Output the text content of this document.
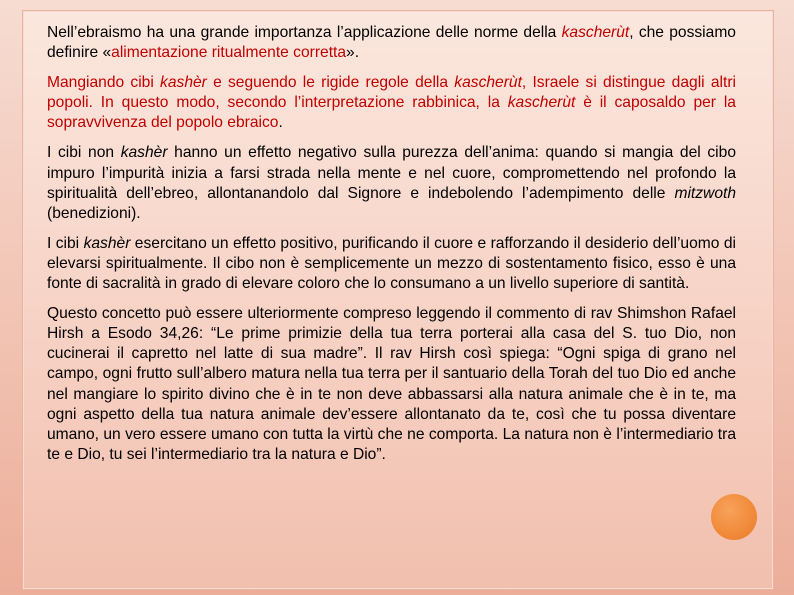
Nell’ebraismo ha una grande importanza l’applicazione delle norme della kascherùt, che possiamo definire «alimentazione ritualmente corretta».

Mangiando cibi kashèr e seguendo le rigide regole della kascherùt, Israele si distingue dagli altri popoli. In questo modo, secondo l’interpretazione rabbinica, la kascherùt è il caposaldo per la sopravvivenza del popolo ebraico.

I cibi non kashèr hanno un effetto negativo sulla purezza dell’anima: quando si mangia del cibo impuro l’impurità inizia a farsi strada nella mente e nel cuore, compromettendo nel profondo la spiritualità dell’ebreo, allontanandolo dal Signore e indebolendo l’adempimento delle mitzwoth (benedizioni).

I cibi kashèr esercitano un effetto positivo, purificando il cuore e rafforzando il desiderio dell’uomo di elevarsi spiritualmente. Il cibo non è semplicemente un mezzo di sostentamento fisico, esso è una fonte di sacralità in grado di elevare coloro che lo consumano a un livello superiore di santità.

Questo concetto può essere ulteriormente compreso leggendo il commento di rav Shimshon Rafael Hirsh a Esodo 34,26: “Le prime primizie della tua terra porterai alla casa del S. tuo Dio, non cucinerai il capretto nel latte di sua madre”. Il rav Hirsh così spiega: “Ogni spiga di grano nel campo, ogni frutto sull’albero matura nella tua terra per il santuario della Torah del tuo Dio ed anche nel mangiare lo spirito divino che è in te non deve abbassarsi alla natura animale che è in te, ma ogni aspetto della tua natura animale dev’essere allontanato da te, così che tu possa diventare umano, un vero essere umano con tutta la virtù che ne comporta. La natura non è l’intermediario tra te e Dio, tu sei l’intermediario tra la natura e Dio”.
